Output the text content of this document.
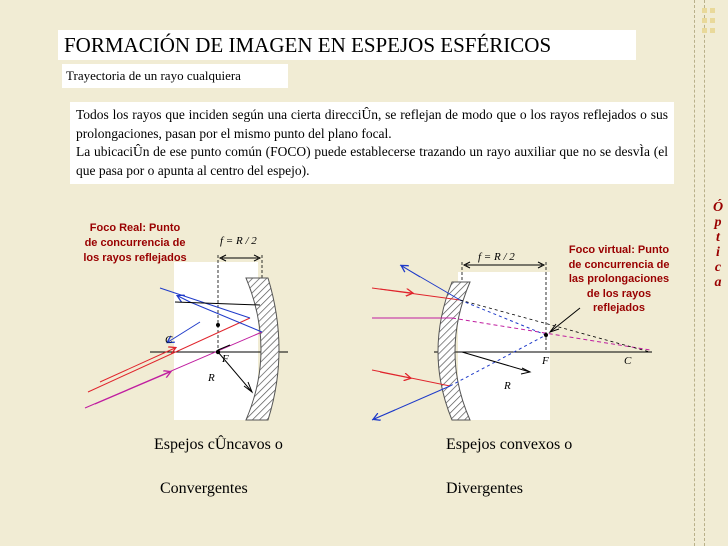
FORMACIÓN DE IMAGEN EN ESPEJOS ESFÉRICOS
Trayectoria de un rayo cualquiera

Todos los rayos que inciden según una cierta direcciÛn, se reflejan de modo que o los rayos reflejados o sus prolongaciones, pasan por el mismo punto del plano focal.

La ubicaciÛn de ese punto común (FOCO) puede establecerse trazando un rayo auxiliar que no se desvÌa (el que pasa por o apunta al centro del espejo).

Ó
p
t
i
c
a
Foco Real: Punto
de concurrencia de
los rayos reflejados
f = R / 2
C
F
R
Espejos cÛncavos o
Convergentes
Foco virtual: Punto
de concurrencia de
las prolongaciones
de los rayos
reflejados
f = R / 2
F	C
R
Espejos convexos o
Divergentes
